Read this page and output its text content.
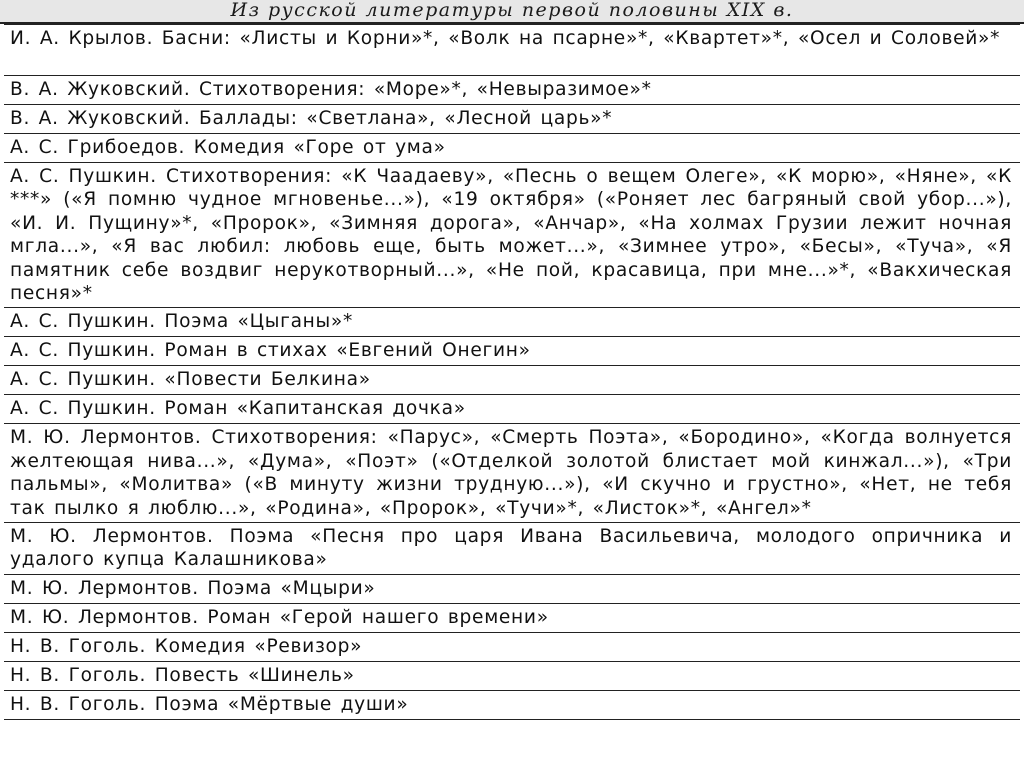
Из русской литературы первой половины XIX в.
И. А. Крылов. Басни: «Листы и Корни»*, «Волк на псарне»*, «Квартет»*, «Осел и Соловей»*
В. А. Жуковский. Стихотворения: «Море»*, «Невыразимое»*
В. А. Жуковский. Баллады: «Светлана», «Лесной царь»*
А. С. Грибоедов. Комедия «Горе от ума»
А. С. Пушкин. Стихотворения: «К Чаадаеву», «Песнь о вещем Олеге», «К морю», «Няне», «К ***» («Я помню чудное мгновенье...»), «19 октября» («Роняет лес багряный свой убор...»), «И. И. Пущину»*, «Пророк», «Зимняя дорога», «Анчар», «На холмах Грузии лежит ночная мгла...», «Я вас любил: любовь еще, быть может...», «Зимнее утро», «Бесы», «Туча», «Я памятник себе воздвиг нерукотворный...», «Не пой, красавица, при мне...»*, «Вакхическая песня»*
А. С. Пушкин. Поэма «Цыганы»*
А. С. Пушкин. Роман в стихах «Евгений Онегин»
А. С. Пушкин. «Повести Белкина»
А. С. Пушкин. Роман «Капитанская дочка»
М. Ю. Лермонтов. Стихотворения: «Парус», «Смерть Поэта», «Бородино», «Когда волнуется желтеющая нива...», «Дума», «Поэт» («Отделкой золотой блистает мой кинжал...»), «Три пальмы», «Молитва» («В минуту жизни трудную...»), «И скучно и грустно», «Нет, не тебя так пылко я люблю...», «Родина», «Пророк», «Тучи»*, «Листок»*, «Ангел»*
М. Ю. Лермонтов. Поэма «Песня про царя Ивана Васильевича, молодого опричника и удалого купца Калашникова»
М. Ю. Лермонтов. Поэма «Мцыри»
М. Ю. Лермонтов. Роман «Герой нашего времени»
Н. В. Гоголь. Комедия «Ревизор»
Н. В. Гоголь. Повесть «Шинель»
Н. В. Гоголь. Поэма «Мёртвые души»
